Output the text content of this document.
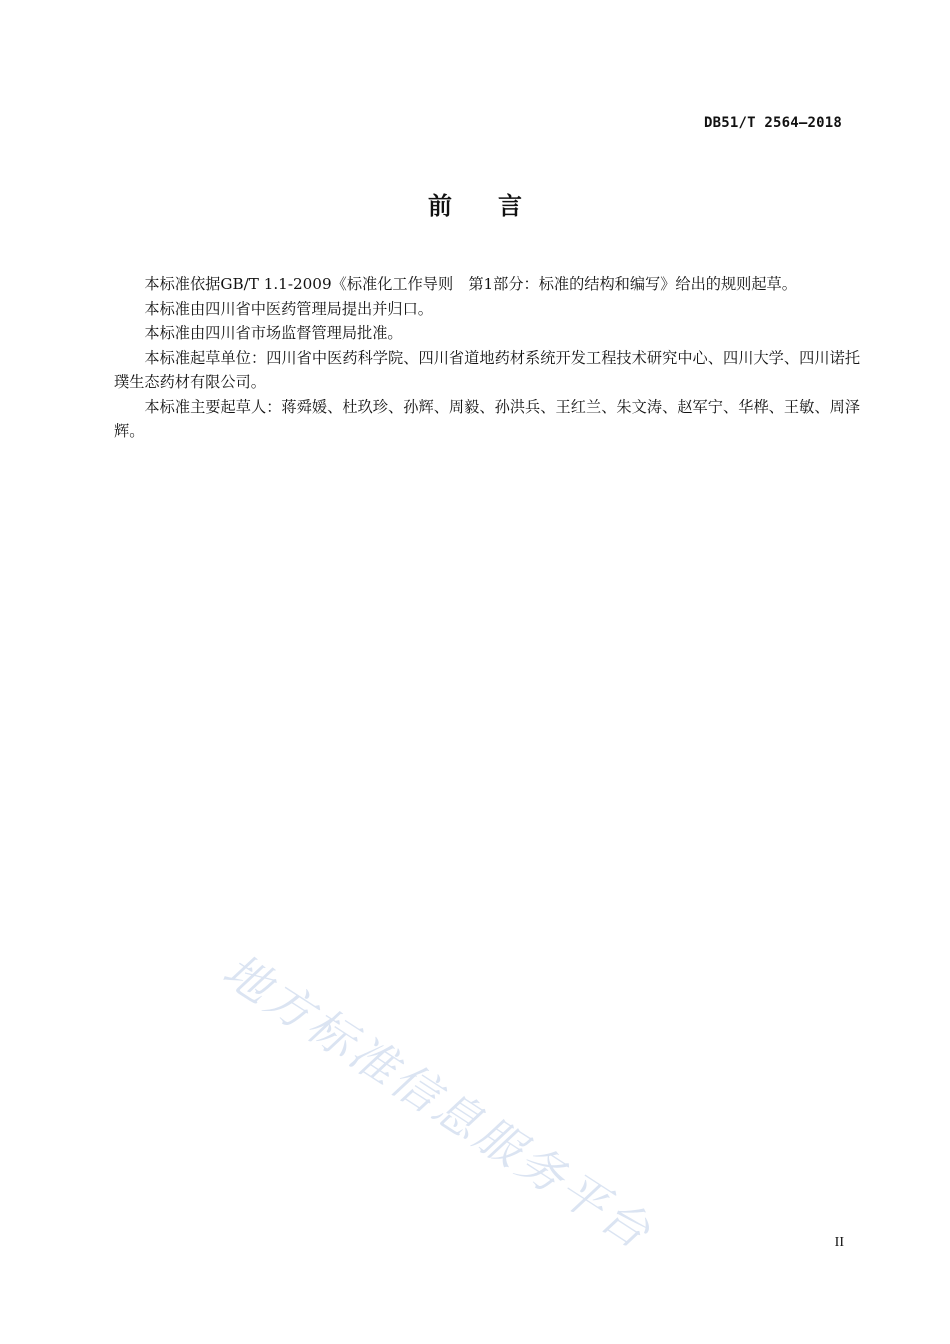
DB51/T 2564—2018
前言

本标准依据GB/T 1.1-2009《标准化工作导则　第1部分：标准的结构和编写》给出的规则起草。

本标准由四川省中医药管理局提出并归口。

本标准由四川省市场监督管理局批准。

本标准起草单位：四川省中医药科学院、四川省道地药材系统开发工程技术研究中心、四川大学、四川诺托璞生态药材有限公司。

本标准主要起草人：蒋舜媛、杜玖珍、孙辉、周毅、孙洪兵、王红兰、朱文涛、赵军宁、华桦、王敏、周泽辉。

地方标准信息服务平台	II
